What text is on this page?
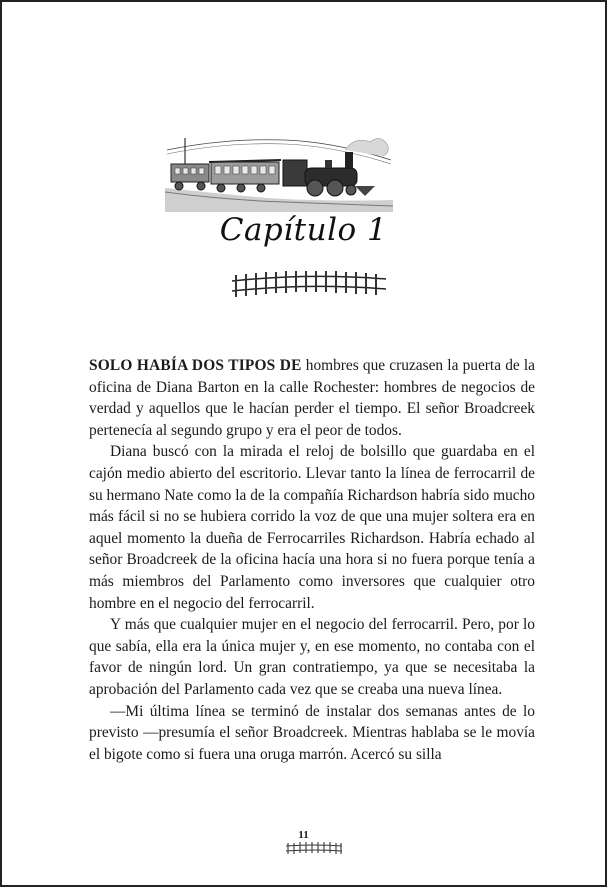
Capítulo 1

SOLO HABÍA DOS TIPOS DE hombres que cruzasen la puerta de la oficina de Diana Barton en la calle Rochester: hombres de negocios de verdad y aquellos que le hacían perder el tiempo. El señor Broadcreek pertenecía al segundo grupo y era el peor de todos.

Diana buscó con la mirada el reloj de bolsillo que guardaba en el cajón medio abierto del escritorio. Llevar tanto la línea de ferrocarril de su hermano Nate como la de la compañía Richardson habría sido mucho más fácil si no se hubiera corrido la voz de que una mujer soltera era en aquel momento la dueña de Ferrocarriles Richardson. Habría echado al señor Broadcreek de la oficina hacía una hora si no fuera porque tenía a más miembros del Parlamento como inversores que cualquier otro hombre en el negocio del ferrocarril.

Y más que cualquier mujer en el negocio del ferrocarril. Pero, por lo que sabía, ella era la única mujer y, en ese momento, no contaba con el favor de ningún lord. Un gran contratiempo, ya que se necesitaba la aprobación del Parlamento cada vez que se creaba una nueva línea.

—Mi última línea se terminó de instalar dos semanas antes de lo previsto —presumía el señor Broadcreek. Mientras hablaba se le movía el bigote como si fuera una oruga marrón. Acercó su silla

11
